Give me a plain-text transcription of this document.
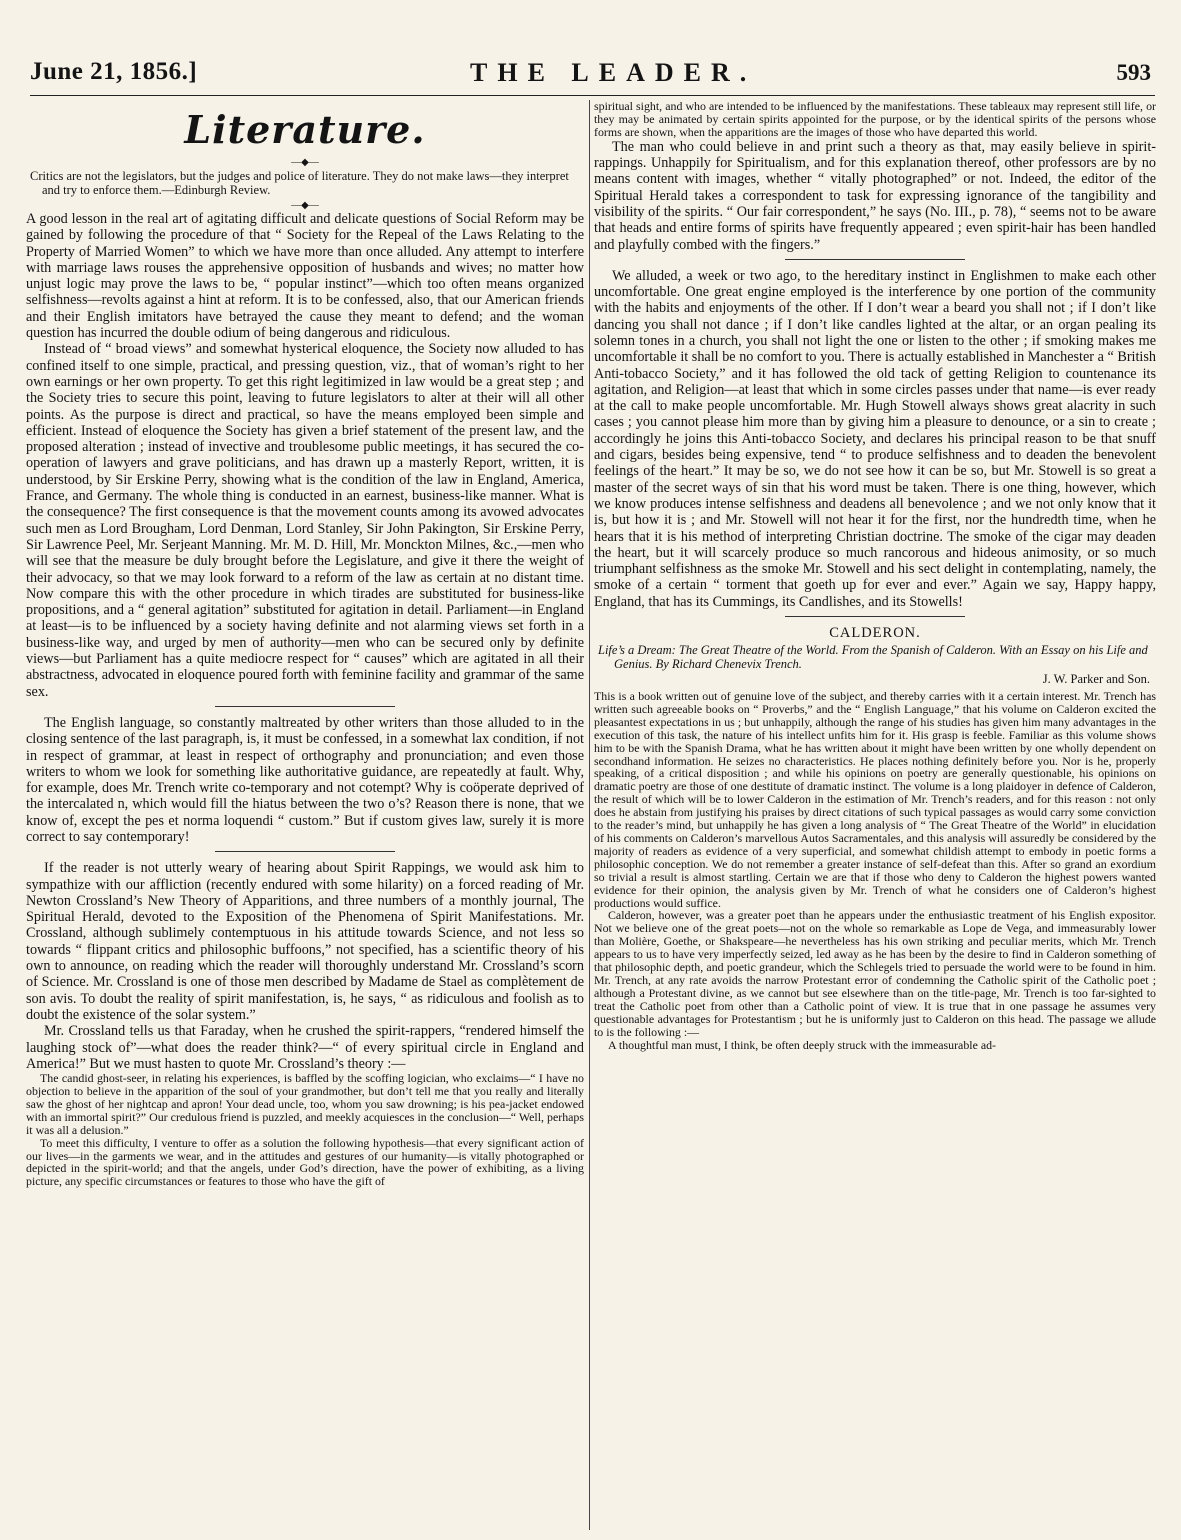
June 21, 1856.]	THE LEADER.	593
Literature.
—◆—
Critics are not the legislators, but the judges and police of literature. They do not make laws—they interpret and try to enforce them.—Edinburgh Review.
—◆—

A good lesson in the real art of agitating difficult and delicate questions of Social Reform may be gained by following the procedure of that “ Society for the Repeal of the Laws Relating to the Property of Married Women” to which we have more than once alluded. Any attempt to interfere with marriage laws rouses the apprehensive opposition of husbands and wives; no matter how unjust logic may prove the laws to be, “ popular instinct”—which too often means organized selfishness—revolts against a hint at reform. It is to be confessed, also, that our American friends and their English imitators have betrayed the cause they meant to defend; and the woman question has incurred the double odium of being dangerous and ridiculous.

Instead of “ broad views” and somewhat hysterical eloquence, the Society now alluded to has confined itself to one simple, practical, and pressing question, viz., that of woman’s right to her own earnings or her own property. To get this right legitimized in law would be a great step ; and the Society tries to secure this point, leaving to future legislators to alter at their will all other points. As the purpose is direct and practical, so have the means employed been simple and efficient. Instead of eloquence the Society has given a brief statement of the present law, and the proposed alteration ; instead of invective and troublesome public meetings, it has secured the co-operation of lawyers and grave politicians, and has drawn up a masterly Report, written, it is understood, by Sir Erskine Perry, showing what is the condition of the law in England, America, France, and Germany. The whole thing is conducted in an earnest, business-like manner. What is the consequence? The first consequence is that the movement counts among its avowed advocates such men as Lord Brougham, Lord Denman, Lord Stanley, Sir John Pakington, Sir Erskine Perry, Sir Lawrence Peel, Mr. Serjeant Manning. Mr. M. D. Hill, Mr. Monckton Milnes, &c.,—men who will see that the measure be duly brought before the Legislature, and give it there the weight of their advocacy, so that we may look forward to a reform of the law as certain at no distant time. Now compare this with the other procedure in which tirades are substituted for business-like propositions, and a “ general agitation” substituted for agitation in detail. Parliament—in England at least—is to be influenced by a society having definite and not alarming views set forth in a business-like way, and urged by men of authority—men who can be secured only by definite views—but Parliament has a quite mediocre respect for “ causes” which are agitated in all their abstractness, advocated in eloquence poured forth with feminine facility and grammar of the same sex.

The English language, so constantly maltreated by other writers than those alluded to in the closing sentence of the last paragraph, is, it must be confessed, in a somewhat lax condition, if not in respect of grammar, at least in respect of orthography and pronunciation; and even those writers to whom we look for something like authoritative guidance, are repeatedly at fault. Why, for example, does Mr. Trench write co-temporary and not cotempt? Why is coöperate deprived of the intercalated n, which would fill the hiatus between the two o’s? Reason there is none, that we know of, except the pes et norma loquendi “ custom.” But if custom gives law, surely it is more correct to say contemporary!

If the reader is not utterly weary of hearing about Spirit Rappings, we would ask him to sympathize with our affliction (recently endured with some hilarity) on a forced reading of Mr. Newton Crossland’s New Theory of Apparitions, and three numbers of a monthly journal, The Spiritual Herald, devoted to the Exposition of the Phenomena of Spirit Manifestations. Mr. Crossland, although sublimely contemptuous in his attitude towards Science, and not less so towards “ flippant critics and philosophic buffoons,” not specified, has a scientific theory of his own to announce, on reading which the reader will thoroughly understand Mr. Crossland’s scorn of Science. Mr. Crossland is one of those men described by Madame de Stael as complètement de son avis. To doubt the reality of spirit manifestation, is, he says, “ as ridiculous and foolish as to doubt the existence of the solar system.”

Mr. Crossland tells us that Faraday, when he crushed the spirit-rappers, “rendered himself the laughing stock of”—what does the reader think?—“ of every spiritual circle in England and America!” But we must hasten to quote Mr. Crossland’s theory :—

The candid ghost-seer, in relating his experiences, is baffled by the scoffing logician, who exclaims—“ I have no objection to believe in the apparition of the soul of your grandmother, but don’t tell me that you really and literally saw the ghost of her nightcap and apron! Your dead uncle, too, whom you saw drowning; is his pea-jacket endowed with an immortal spirit?” Our credulous friend is puzzled, and meekly acquiesces in the conclusion—“ Well, perhaps it was all a delusion.”

To meet this difficulty, I venture to offer as a solution the following hypothesis—that every significant action of our lives—in the garments we wear, and in the attitudes and gestures of our humanity—is vitally photographed or depicted in the spirit-world; and that the angels, under God’s direction, have the power of exhibiting, as a living picture, any specific circumstances or features to those who have the gift of

spiritual sight, and who are intended to be influenced by the manifestations. These tableaux may represent still life, or they may be animated by certain spirits appointed for the purpose, or by the identical spirits of the persons whose forms are shown, when the apparitions are the images of those who have departed this world.

The man who could believe in and print such a theory as that, may easily believe in spirit-rappings. Unhappily for Spiritualism, and for this explanation thereof, other professors are by no means content with images, whether “ vitally photographed” or not. Indeed, the editor of the Spiritual Herald takes a correspondent to task for expressing ignorance of the tangibility and visibility of the spirits. “ Our fair correspondent,” he says (No. III., p. 78), “ seems not to be aware that heads and entire forms of spirits have frequently appeared ; even spirit-hair has been handled and playfully combed with the fingers.”

We alluded, a week or two ago, to the hereditary instinct in Englishmen to make each other uncomfortable. One great engine employed is the interference by one portion of the community with the habits and enjoyments of the other. If I don’t wear a beard you shall not ; if I don’t like dancing you shall not dance ; if I don’t like candles lighted at the altar, or an organ pealing its solemn tones in a church, you shall not light the one or listen to the other ; if smoking makes me uncomfortable it shall be no comfort to you. There is actually established in Manchester a “ British Anti-tobacco Society,” and it has followed the old tack of getting Religion to countenance its agitation, and Religion—at least that which in some circles passes under that name—is ever ready at the call to make people uncomfortable. Mr. Hugh Stowell always shows great alacrity in such cases ; you cannot please him more than by giving him a pleasure to denounce, or a sin to create ; accordingly he joins this Anti-tobacco Society, and declares his principal reason to be that snuff and cigars, besides being expensive, tend “ to produce selfishness and to deaden the benevolent feelings of the heart.” It may be so, we do not see how it can be so, but Mr. Stowell is so great a master of the secret ways of sin that his word must be taken. There is one thing, however, which we know produces intense selfishness and deadens all benevolence ; and we not only know that it is, but how it is ; and Mr. Stowell will not hear it for the first, nor the hundredth time, when he hears that it is his method of interpreting Christian doctrine. The smoke of the cigar may deaden the heart, but it will scarcely produce so much rancorous and hideous animosity, or so much triumphant selfishness as the smoke Mr. Stowell and his sect delight in contemplating, namely, the smoke of a certain “ torment that goeth up for ever and ever.” Again we say, Happy happy, England, that has its Cummings, its Candlishes, and its Stowells!

CALDERON.
Life’s a Dream: The Great Theatre of the World. From the Spanish of Calderon. With an Essay on his Life and Genius. By Richard Chenevix Trench.
J. W. Parker and Son.

This is a book written out of genuine love of the subject, and thereby carries with it a certain interest. Mr. Trench has written such agreeable books on “ Proverbs,” and the “ English Language,” that his volume on Calderon excited the pleasantest expectations in us ; but unhappily, although the range of his studies has given him many advantages in the execution of this task, the nature of his intellect unfits him for it. His grasp is feeble. Familiar as this volume shows him to be with the Spanish Drama, what he has written about it might have been written by one wholly dependent on secondhand information. He seizes no characteristics. He places nothing definitely before you. Nor is he, properly speaking, of a critical disposition ; and while his opinions on poetry are generally questionable, his opinions on dramatic poetry are those of one destitute of dramatic instinct. The volume is a long plaidoyer in defence of Calderon, the result of which will be to lower Calderon in the estimation of Mr. Trench’s readers, and for this reason : not only does he abstain from justifying his praises by direct citations of such typical passages as would carry some conviction to the reader’s mind, but unhappily he has given a long analysis of “ The Great Theatre of the World” in elucidation of his comments on Calderon’s marvellous Autos Sacramentales, and this analysis will assuredly be considered by the majority of readers as evidence of a very superficial, and somewhat childish attempt to embody in poetic forms a philosophic conception. We do not remember a greater instance of self-defeat than this. After so grand an exordium so trivial a result is almost startling. Certain we are that if those who deny to Calderon the highest powers wanted evidence for their opinion, the analysis given by Mr. Trench of what he considers one of Calderon’s highest productions would suffice.

Calderon, however, was a greater poet than he appears under the enthusiastic treatment of his English expositor. Not we believe one of the great poets—not on the whole so remarkable as Lope de Vega, and immeasurably lower than Molière, Goethe, or Shakspeare—he nevertheless has his own striking and peculiar merits, which Mr. Trench appears to us to have very imperfectly seized, led away as he has been by the desire to find in Calderon something of that philosophic depth, and poetic grandeur, which the Schlegels tried to persuade the world were to be found in him. Mr. Trench, at any rate avoids the narrow Protestant error of condemning the Catholic spirit of the Catholic poet ; although a Protestant divine, as we cannot but see elsewhere than on the title-page, Mr. Trench is too far-sighted to treat the Catholic poet from other than a Catholic point of view. It is true that in one passage he assumes very questionable advantages for Protestantism ; but he is uniformly just to Calderon on this head. The passage we allude to is the following :—

A thoughtful man must, I think, be often deeply struck with the immeasurable ad-
